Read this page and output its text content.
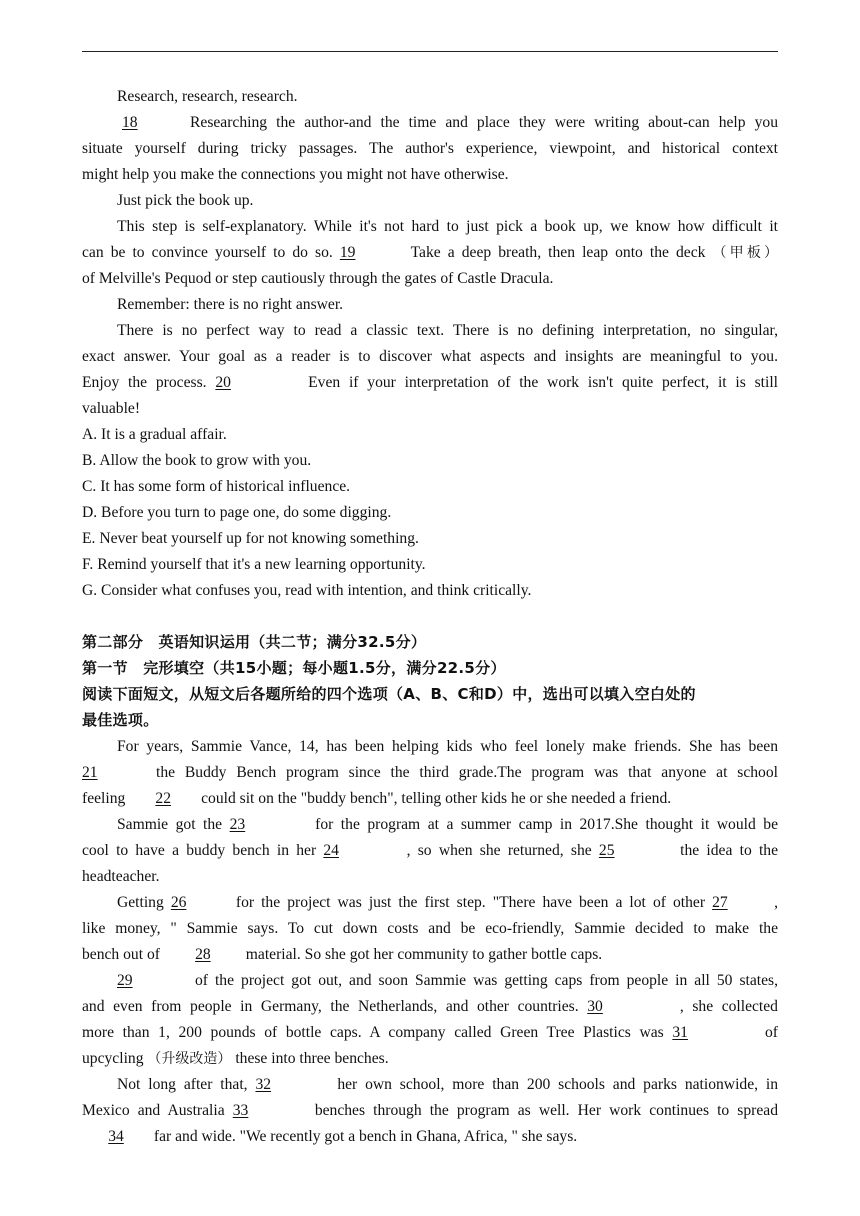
Research, research, research.
18	Researching the author-and the time and place they were writing about-can help you
situate yourself during tricky passages. The author's experience, viewpoint, and historical context
might help you make the connections you might not have otherwise.
Just pick the book up.
This step is self-explanatory. While it's not hard to just pick a book up, we know how difficult it
can be to convince yourself to do so. 19	Take a deep breath, then leap onto the deck （甲板）
of Melville's Pequod or step cautiously through the gates of Castle Dracula.
Remember: there is no right answer.
There is no perfect way to read a classic text. There is no defining interpretation, no singular,
exact answer. Your goal as a reader is to discover what aspects and insights are meaningful to you.
Enjoy the process. 20	Even if your interpretation of the work isn't quite perfect, it is still
valuable!
A. It is a gradual affair.
B. Allow the book to grow with you.
C. It has some form of historical influence.
D. Before you turn to page one, do some digging.
E. Never beat yourself up for not knowing something.
F. Remind yourself that it's a new learning opportunity.
G. Consider what confuses you, read with intention, and think critically.
第二部分　英语知识运用（共二节；满分32.5分）
第一节　完形填空（共15小题；每小题1.5分，满分22.5分）
阅读下面短文，从短文后各题所给的四个选项（A、B、C和D）中，选出可以填入空白处的
最佳选项。
For years, Sammie Vance, 14, has been helping kids who feel lonely make friends. She has been
21	the Buddy Bench program since the third grade.The program was that anyone at school
feeling 22 could sit on the "buddy bench", telling other kids he or she needed a friend.
Sammie got the 23	for the program at a summer camp in 2017.She thought it would be
cool to have a buddy bench in her 24	, so when she returned, she 25	the idea to the
headteacher.
Getting 26	for the project was just the first step. "There have been a lot of other 27	,
like money, " Sammie says. To cut down costs and be eco-friendly, Sammie decided to make the
bench out of 28 material. So she got her community to gather bottle caps.
29	of the project got out, and soon Sammie was getting caps from people in all 50 states,
and even from people in Germany, the Netherlands, and other countries. 30	, she collected
more than 1, 200 pounds of bottle caps. A company called Green Tree Plastics was 31	of
upcycling （升级改造） these into three benches.
Not long after that, 32	her own school, more than 200 schools and parks nationwide, in
Mexico and Australia 33	benches through the program as well. Her work continues to spread
34 far and wide. "We recently got a bench in Ghana, Africa, " she says.
